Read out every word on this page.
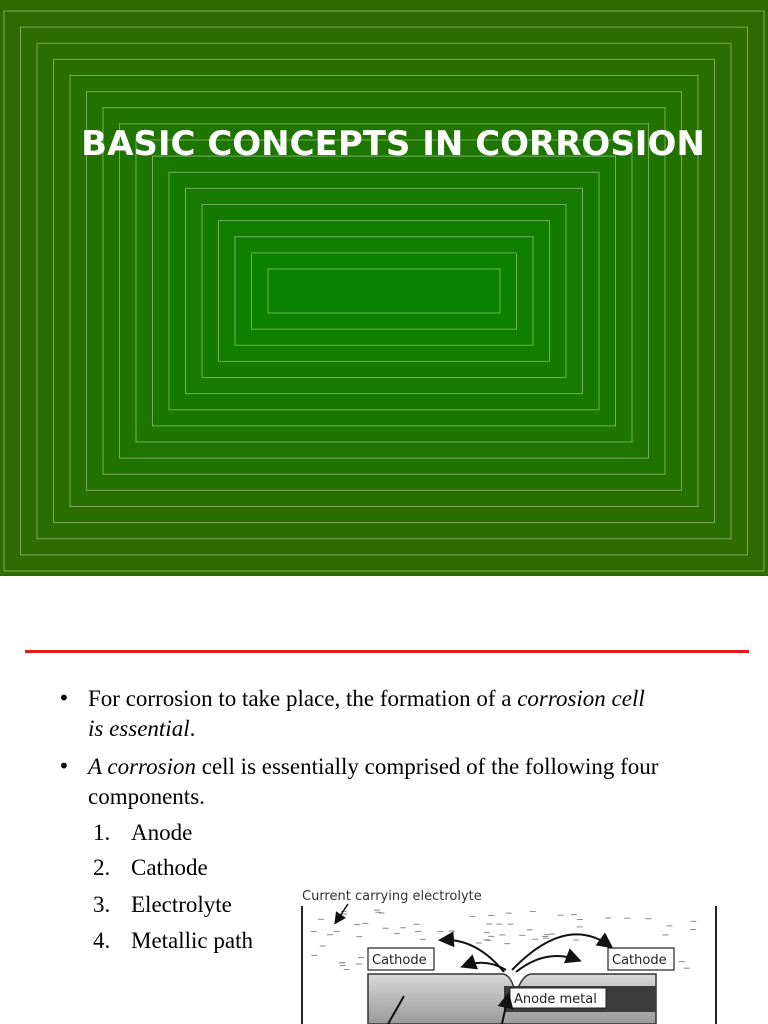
BASIC CONCEPTS IN CORROSION
• For corrosion to take place, the formation of a corrosion cell
is essential.
• A corrosion cell is essentially comprised of the following four components.
1. Anode
2. Cathode
3. Electrolyte
4. Metallic path
Current carrying electrolyte
Cathode	Cathode
Anode metal
